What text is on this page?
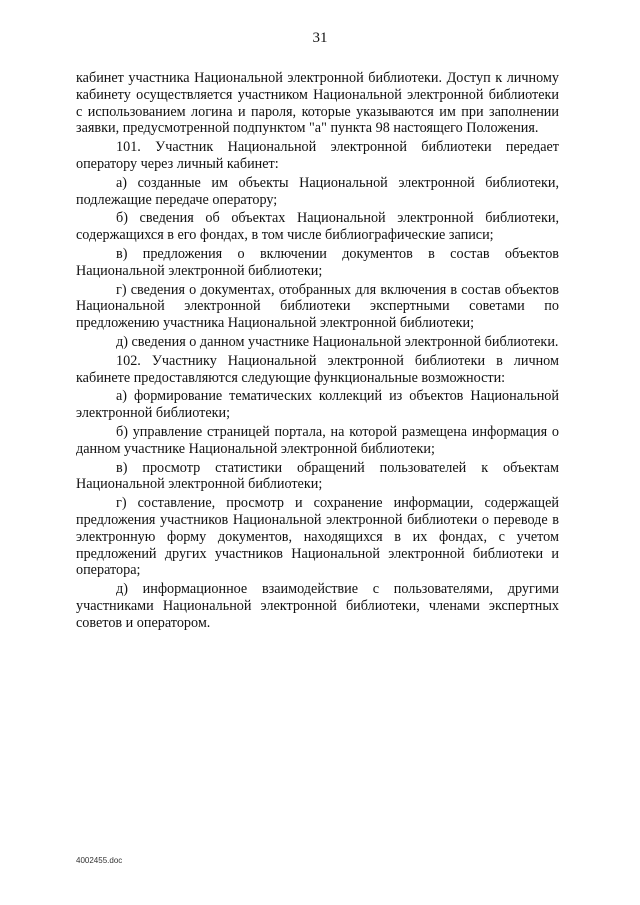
31

кабинет участника Национальной электронной библиотеки. Доступ к личному кабинету осуществляется участником Национальной электронной библиотеки с использованием логина и пароля, которые указываются им при заполнении заявки, предусмотренной подпунктом "а" пункта 98 настоящего Положения.

101. Участник Национальной электронной библиотеки передает оператору через личный кабинет:

а) созданные им объекты Национальной электронной библиотеки, подлежащие передаче оператору;

б) сведения об объектах Национальной электронной библиотеки, содержащихся в его фондах, в том числе библиографические записи;

в) предложения о включении документов в состав объектов Национальной электронной библиотеки;

г) сведения о документах, отобранных для включения в состав объектов Национальной электронной библиотеки экспертными советами по предложению участника Национальной электронной библиотеки;

д) сведения о данном участнике Национальной электронной библиотеки.

102. Участнику Национальной электронной библиотеки в личном кабинете предоставляются следующие функциональные возможности:

а) формирование тематических коллекций из объектов Национальной электронной библиотеки;

б) управление страницей портала, на которой размещена информация о данном участнике Национальной электронной библиотеки;

в) просмотр статистики обращений пользователей к объектам Национальной электронной библиотеки;

г) составление, просмотр и сохранение информации, содержащей предложения участников Национальной электронной библиотеки о переводе в электронную форму документов, находящихся в их фондах, с учетом предложений других участников Национальной электронной библиотеки и оператора;

д) информационное взаимодействие с пользователями, другими участниками Национальной электронной библиотеки, членами экспертных советов и оператором.

4002455.doc
